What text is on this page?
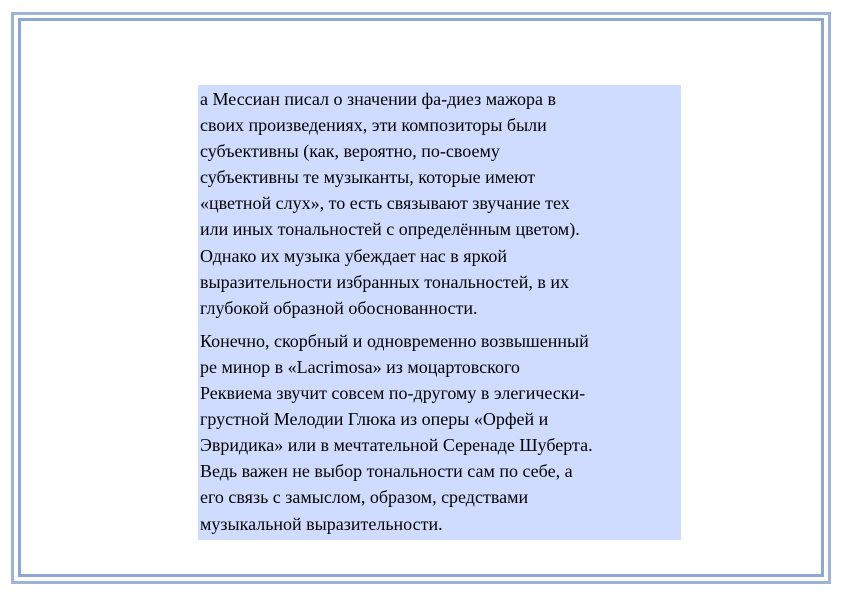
а Мессиан писал о значении фа-диез мажора в
своих произведениях, эти композиторы были
субъективны (как, вероятно, по-своему
субъективны те музыканты, которые имеют
«цветной слух», то есть связывают звучание тех
или иных тональностей с определённым цветом).
Однако их музыка убеждает нас в яркой
выразительности избранных тональностей, в их
глубокой образной обоснованности.

Конечно, скорбный и одновременно возвышенный
ре минор в «Lacrimosa» из моцартовского
Реквиема звучит совсем по-другому в элегически-
грустной Мелодии Глюка из оперы «Орфей и
Эвридика» или в мечтательной Серенаде Шуберта.
Ведь важен не выбор тональности сам по себе, а
его связь с замыслом, образом, средствами
музыкальной выразительности.
